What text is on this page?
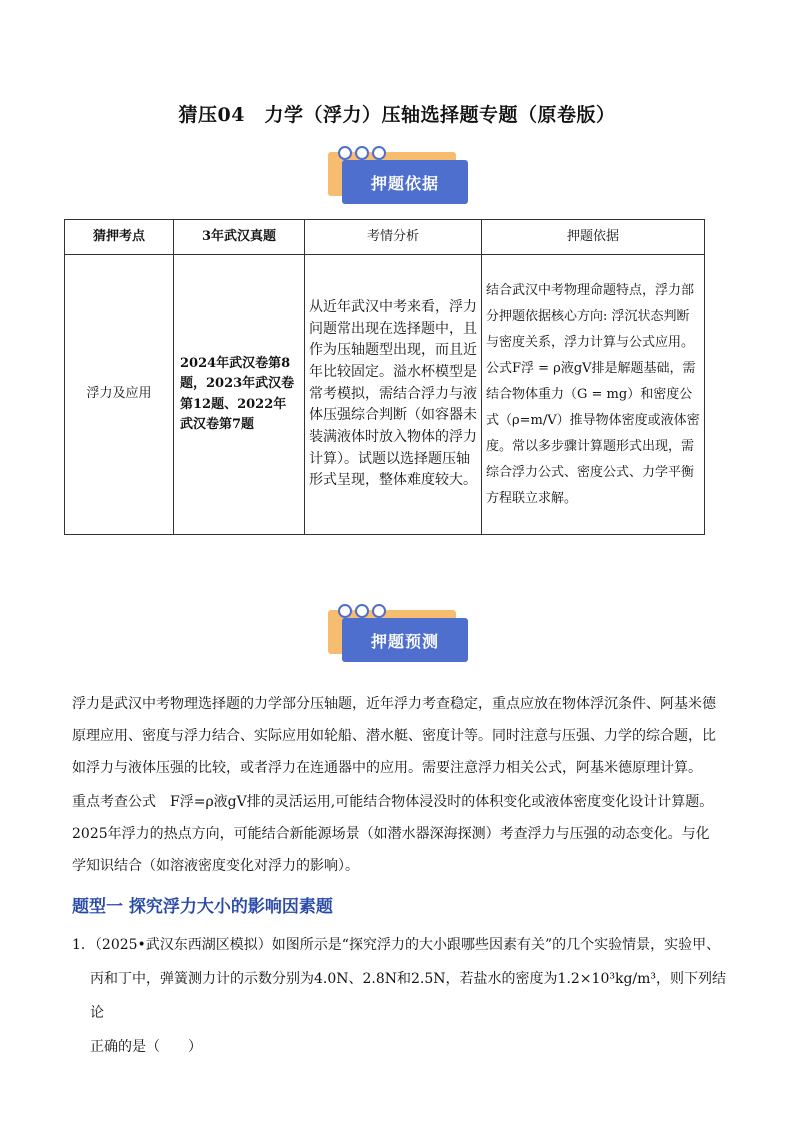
猜压04　力学（浮力）压轴选择题专题（原卷版）
押题依据
猜押考点	3年武汉真题	考情分析	押题依据
浮力及应用	2024年武汉卷第8题，2023年武汉卷第12题、2022年武汉卷第7题	从近年武汉中考来看，浮力问题常出现在选择题中，且作为压轴题型出现，而且近年比较固定。溢水杯模型是常考模拟，需结合浮力与液体压强综合判断（如容器未装满液体时放入物体的浮力计算）。试题以选择题压轴形式呈现，整体难度较大。	结合武汉中考物理命题特点，浮力部分押题依据核心方向: 浮沉状态判断与密度关系，浮力计算与公式应用。公式F浮 = ρ液gV排是解题基础，需结合物体重力（G = mg）和密度公式（ρ=m/V）推导物体密度或液体密度。常以多步骤计算题形式出现，需综合浮力公式、密度公式、力学平衡方程联立求解。
押题预测
浮力是武汉中考物理选择题的力学部分压轴题，近年浮力考查稳定，重点应放在物体浮沉条件、阿基米德原理应用、密度与浮力结合、实际应用如轮船、潜水艇、密度计等。同时注意与压强、力学的综合题，比如浮力与液体压强的比较，或者浮力在连通器中的应用。需要注意浮力相关公式，阿基米德原理计算。
重点考查公式　F浮=ρ液gV排的灵活运用,可能结合物体浸没时的体积变化或液体密度变化设计计算题。2025年浮力的热点方向，可能结合新能源场景（如潜水器深海探测）考查浮力与压强的动态变化。与化学知识结合（如溶液密度变化对浮力的影响）。
题型一 探究浮力大小的影响因素题
1．（2025•武汉东西湖区模拟）如图所示是“探究浮力的大小跟哪些因素有关”的几个实验情景，实验甲、
丙和丁中，弹簧测力计的示数分别为4.0N、2.8N和2.5N，若盐水的密度为1.2×10³kg/m³，则下列结论
正确的是（　　）
